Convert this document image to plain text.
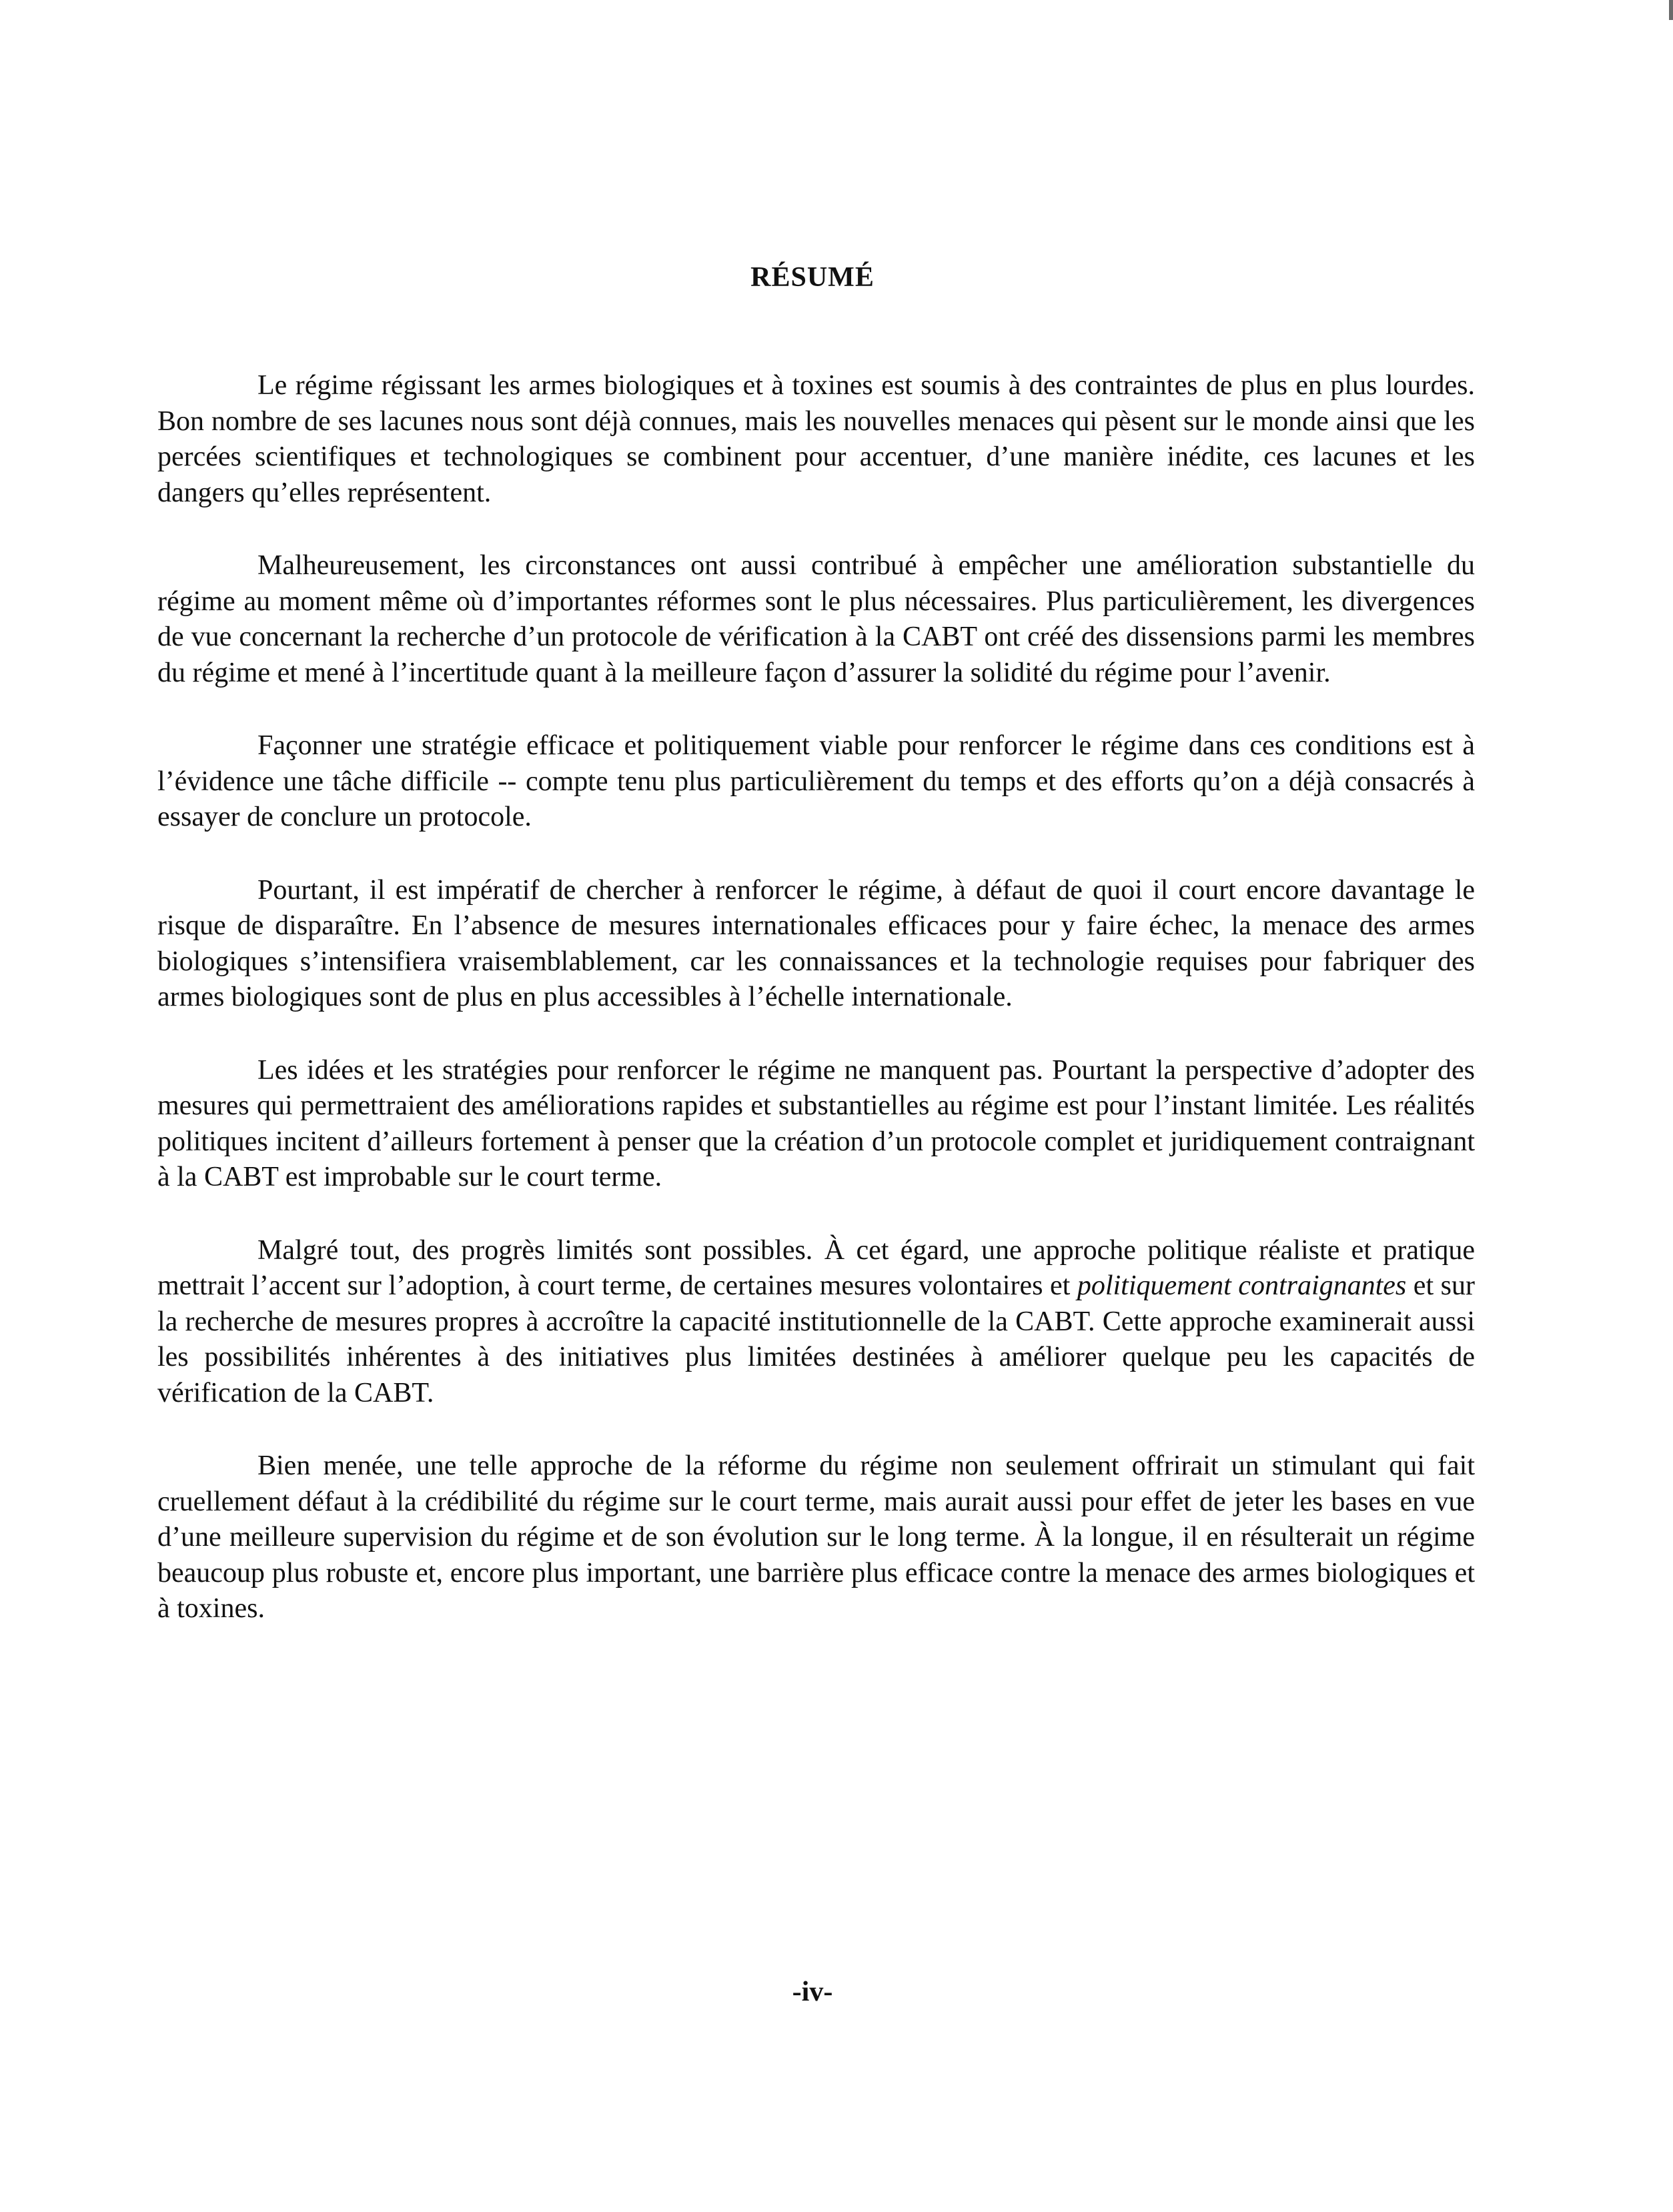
RÉSUMÉ

Le régime régissant les armes biologiques et à toxines est soumis à des contraintes de plus en plus lourdes. Bon nombre de ses lacunes nous sont déjà connues, mais les nouvelles menaces qui pèsent sur le monde ainsi que les percées scientifiques et technologiques se combinent pour accentuer, d’une manière inédite, ces lacunes et les dangers qu’elles représentent.

Malheureusement, les circonstances ont aussi contribué à empêcher une amélioration substantielle du régime au moment même où d’importantes réformes sont le plus nécessaires. Plus particulièrement, les divergences de vue concernant la recherche d’un protocole de vérification à la CABT ont créé des dissensions parmi les membres du régime et mené à l’incertitude quant à la meilleure façon d’assurer la solidité du régime pour l’avenir.

Façonner une stratégie efficace et politiquement viable pour renforcer le régime dans ces conditions est à l’évidence une tâche difficile -- compte tenu plus particulièrement du temps et des efforts qu’on a déjà consacrés à essayer de conclure un protocole.

Pourtant, il est impératif de chercher à renforcer le régime, à défaut de quoi il court encore davantage le risque de disparaître. En l’absence de mesures internationales efficaces pour y faire échec, la menace des armes biologiques s’intensifiera vraisemblablement, car les connaissances et la technologie requises pour fabriquer des armes biologiques sont de plus en plus accessibles à l’échelle internationale.

Les idées et les stratégies pour renforcer le régime ne manquent pas. Pourtant la perspective d’adopter des mesures qui permettraient des améliorations rapides et substantielles au régime est pour l’instant limitée. Les réalités politiques incitent d’ailleurs fortement à penser que la création d’un protocole complet et juridiquement contraignant à la CABT est improbable sur le court terme.

Malgré tout, des progrès limités sont possibles. À cet égard, une approche politique réaliste et pratique mettrait l’accent sur l’adoption, à court terme, de certaines mesures volontaires et politiquement contraignantes et sur la recherche de mesures propres à accroître la capacité institutionnelle de la CABT. Cette approche examinerait aussi les possibilités inhérentes à des initiatives plus limitées destinées à améliorer quelque peu les capacités de vérification de la CABT.

Bien menée, une telle approche de la réforme du régime non seulement offrirait un stimulant qui fait cruellement défaut à la crédibilité du régime sur le court terme, mais aurait aussi pour effet de jeter les bases en vue d’une meilleure supervision du régime et de son évolution sur le long terme. À la longue, il en résulterait un régime beaucoup plus robuste et, encore plus important, une barrière plus efficace contre la menace des armes biologiques et à toxines.

-iv-
